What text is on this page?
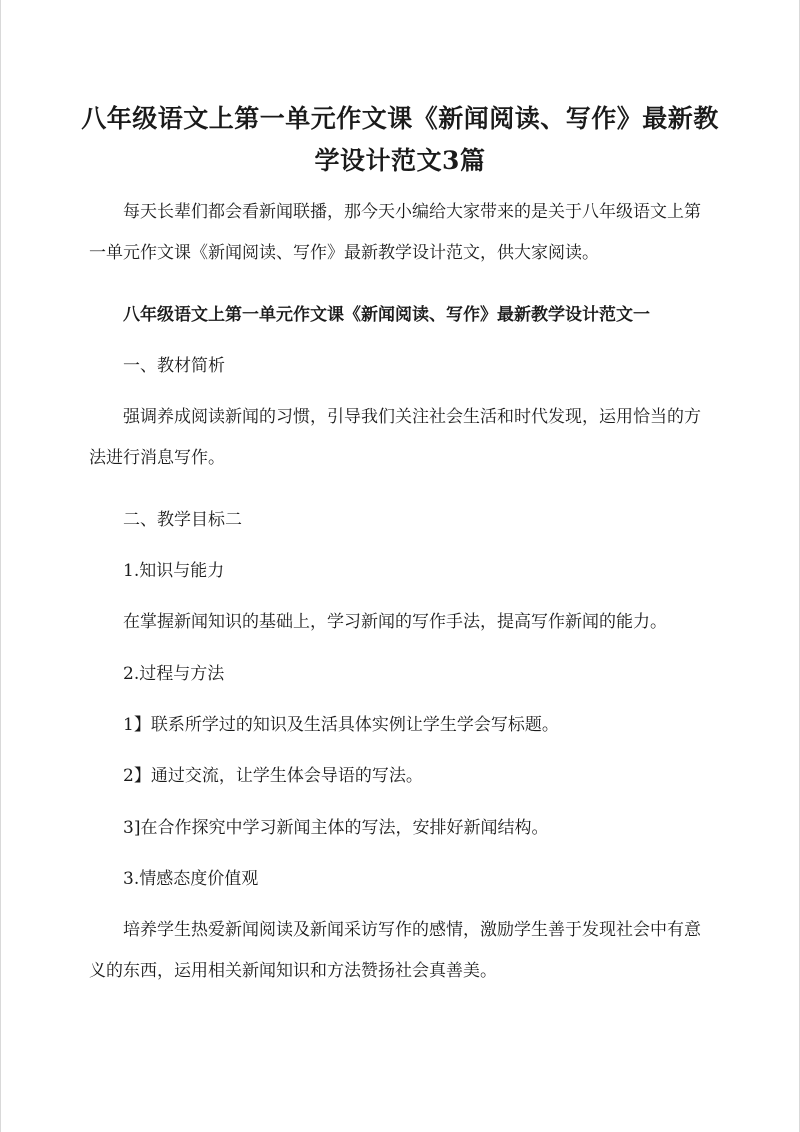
八年级语文上第一单元作文课《新闻阅读、写作》最新教学设计范文3篇

每天长辈们都会看新闻联播，那今天小编给大家带来的是关于八年级语文上第一单元作文课《新闻阅读、写作》最新教学设计范文，供大家阅读。

八年级语文上第一单元作文课《新闻阅读、写作》最新教学设计范文一

一、教材简析

强调养成阅读新闻的习惯，引导我们关注社会生活和时代发现，运用恰当的方法进行消息写作。

二、教学目标二

1.知识与能力

在掌握新闻知识的基础上，学习新闻的写作手法，提高写作新闻的能力。

2.过程与方法

1】联系所学过的知识及生活具体实例让学生学会写标题。

2】通过交流，让学生体会导语的写法。

3]在合作探究中学习新闻主体的写法，安排好新闻结构。

3.情感态度价值观

培养学生热爱新闻阅读及新闻采访写作的感情，激励学生善于发现社会中有意义的东西，运用相关新闻知识和方法赞扬社会真善美。
